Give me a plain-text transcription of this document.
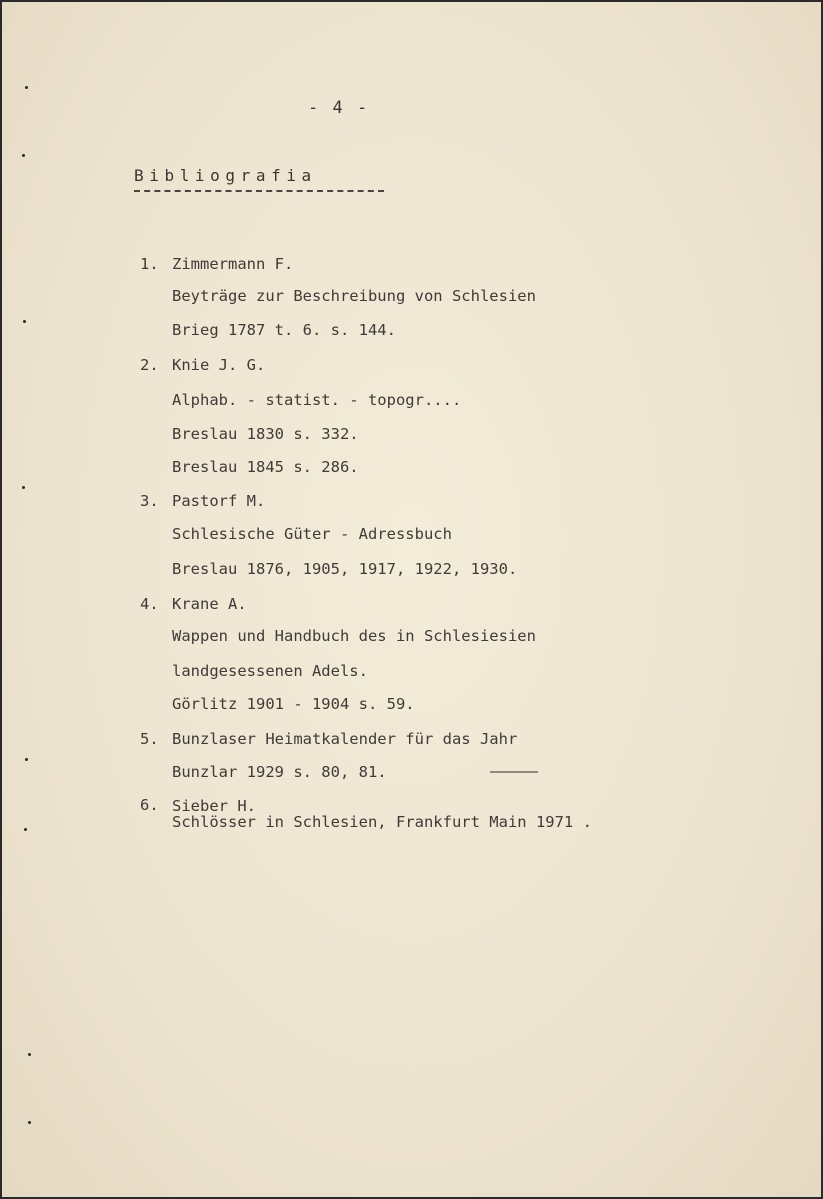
- 4 -
Bibliografia
1. Zimmermann F.
Beyträge zur Beschreibung von Schlesien
Brieg 1787 t. 6. s. 144.
2. Knie J. G.
Alphab. - statist. - topogr....
Breslau 1830 s. 332.
Breslau 1845 s. 286.
3. Pastorf M.
Schlesische Güter - Adressbuch
Breslau 1876, 1905, 1917, 1922, 1930.
4. Krane A.
Wappen und Handbuch des in Schlesiesien
landgesessenen Adels.
Görlitz 1901 - 1904 s. 59.
5. Bunzlaser Heimatkalender für das Jahr
Bunzlar 1929 s. 80, 81.
6. Sieber H.
Schlösser in Schlesien, Frankfurt Main 1971 .
